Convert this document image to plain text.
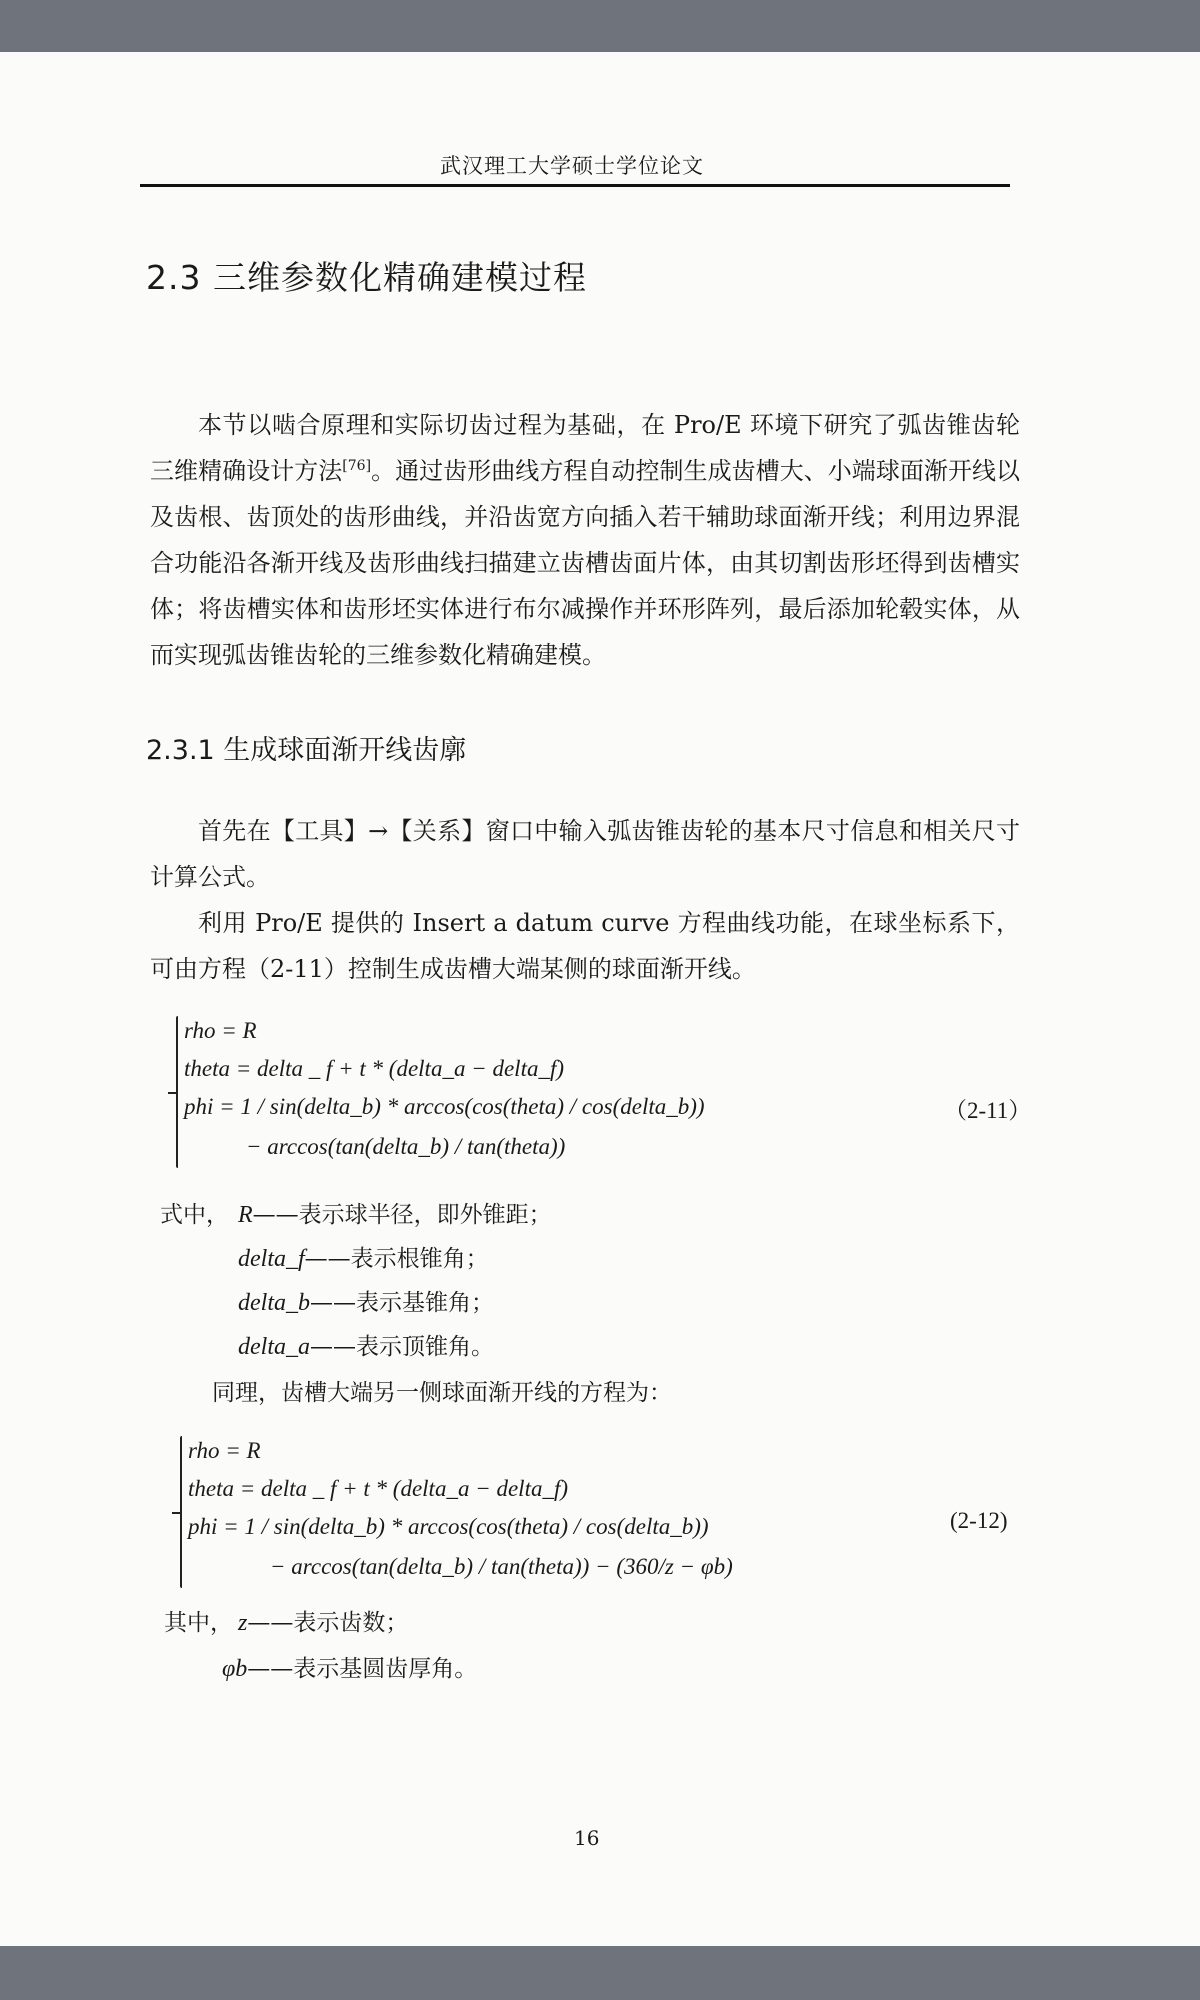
武汉理工大学硕士学位论文
2.3 三维参数化精确建模过程
本节以啮合原理和实际切齿过程为基础，在 Pro/E 环境下研究了弧齿锥齿轮三维精确设计方法[76]。通过齿形曲线方程自动控制生成齿槽大、小端球面渐开线以及齿根、齿顶处的齿形曲线，并沿齿宽方向插入若干辅助球面渐开线；利用边界混合功能沿各渐开线及齿形曲线扫描建立齿槽齿面片体，由其切割齿形坯得到齿槽实体；将齿槽实体和齿形坯实体进行布尔减操作并环形阵列，最后添加轮毂实体，从而实现弧齿锥齿轮的三维参数化精确建模。
2.3.1 生成球面渐开线齿廓
首先在【工具】→【关系】窗口中输入弧齿锥齿轮的基本尺寸信息和相关尺寸计算公式。
利用 Pro/E 提供的 Insert a datum curve 方程曲线功能，在球坐标系下，可由方程（2-11）控制生成齿槽大端某侧的球面渐开线。
rho = R
theta = delta _ f + t * (delta_a − delta_f)
phi = 1 / sin(delta_b) * arccos(cos(theta) / cos(delta_b))
− arccos(tan(delta_b) / tan(theta))
（2-11）
式中， R——表示球半径，即外锥距；
delta_f——表示根锥角；
delta_b——表示基锥角；
delta_a——表示顶锥角。
同理，齿槽大端另一侧球面渐开线的方程为：
rho = R
theta = delta _ f + t * (delta_a − delta_f)
phi = 1 / sin(delta_b) * arccos(cos(theta) / cos(delta_b))
− arccos(tan(delta_b) / tan(theta)) − (360/z − φb)
(2-12)
其中， z——表示齿数；
φb——表示基圆齿厚角。
16
